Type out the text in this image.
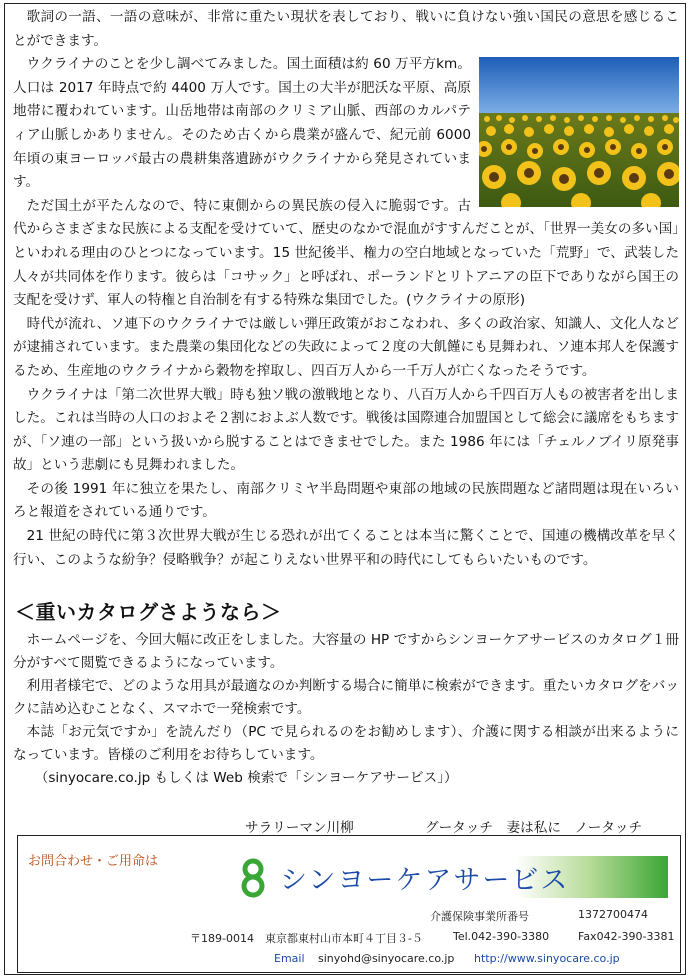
歌詞の一語、一語の意味が、非常に重たい現状を表しており、戦いに負けない強い国民の意思を感じることができます。

ウクライナのことを少し調べてみました。国土面積は約 60 万平方km。人口は 2017 年時点で約 4400 万人です。国土の大半が肥沃な平原、高原地帯に覆われています。山岳地帯は南部のクリミア山脈、西部のカルパティア山脈しかありません。そのため古くから農業が盛んで、紀元前 6000 年頃の東ヨーロッパ最古の農耕集落遺跡がウクライナから発見されています。

ただ国土が平たんなので、特に東側からの異民族の侵入に脆弱です。古代からさまざまな民族による支配を受けていて、歴史のなかで混血がすすんだことが、「世界一美女の多い国」といわれる理由のひとつになっています。15 世紀後半、権力の空白地域となっていた「荒野」で、武装した人々が共同体を作ります。彼らは「コサック」と呼ばれ、ポーランドとリトアニアの臣下でありながら国王の支配を受けず、軍人の特権と自治制を有する特殊な集団でした。(ウクライナの原形)

時代が流れ、ソ連下のウクライナでは厳しい弾圧政策がおこなわれ、多くの政治家、知識人、文化人などが逮捕されています。また農業の集団化などの失政によって２度の大飢饉にも見舞われ、ソ連本邦人を保護するため、生産地のウクライナから穀物を搾取し、四百万人から一千万人が亡くなったそうです。

ウクライナは「第二次世界大戦」時も独ソ戦の激戦地となり、八百万人から千四百万人もの被害者を出しました。これは当時の人口のおよそ２割におよぶ人数です。戦後は国際連合加盟国として総会に議席をもちますが、「ソ連の一部」という扱いから脱することはできませでした。また 1986 年には「チェルノブイリ原発事故」という悲劇にも見舞われました。

その後 1991 年に独立を果たし、南部クリミヤ半島問題や東部の地域の民族問題など諸問題は現在いろいろと報道をされている通りです。

21 世紀の時代に第３次世界大戦が生じる恐れが出てくることは本当に驚くことで、国連の機構改革を早く行い、このような紛争？侵略戦争？が起こりえない世界平和の時代にしてもらいたいものです。

＜重いカタログさようなら＞

ホームページを、今回大幅に改正をしました。大容量の HP ですからシンヨーケアサービスのカタログ１冊分がすべて閲覧できるようになっています。

利用者様宅で、どのような用具が最適なのか判断する場合に簡単に検索ができます。重たいカタログをバックに詰め込むことなく、スマホで一発検索です。

本誌「お元気ですか」を読んだり（PC で見られるのをお勧めします）、介護に関する相談が出来るようになっています。皆様のご利用をお待ちしています。

（sinyocare.co.jp もしくは Web 検索で「シンヨーケアサービス」）

サラリーマン川柳	グータッチ　妻は私に　ノータッチ
お問合わせ・ご用命は
シンヨーケアサービス
介護保険事業所番号	1372700474
〒189-0014　東京都東村山市本町４丁目３-５	Tel.042-390-3380	Fax042-390-3381
Email sinyohd@sinyocare.co.jp http://www.sinyocare.co.jp
